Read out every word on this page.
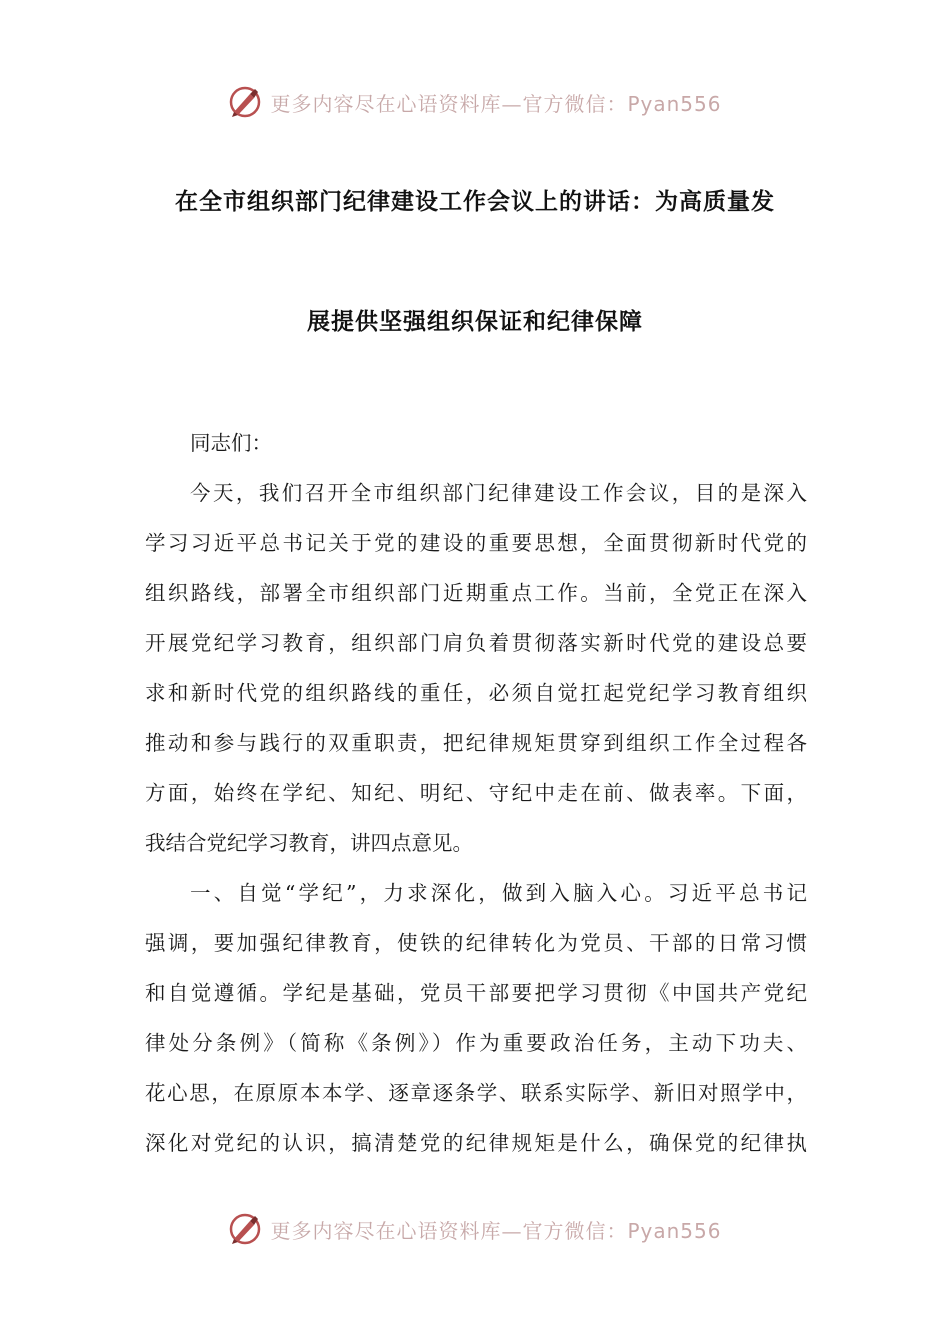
更多内容尽在心语资料库—官方微信：Pyan556
在全市组织部门纪律建设工作会议上的讲话：为高质量发
展提供坚强组织保证和纪律保障
同志们：
今天，我们召开全市组织部门纪律建设工作会议，目的是深入
学习习近平总书记关于党的建设的重要思想，全面贯彻新时代党的
组织路线，部署全市组织部门近期重点工作。当前，全党正在深入
开展党纪学习教育，组织部门肩负着贯彻落实新时代党的建设总要
求和新时代党的组织路线的重任，必须自觉扛起党纪学习教育组织
推动和参与践行的双重职责，把纪律规矩贯穿到组织工作全过程各
方面，始终在学纪、知纪、明纪、守纪中走在前、做表率。下面，
我结合党纪学习教育，讲四点意见。
一、自觉“学纪”，力求深化，做到入脑入心。习近平总书记
强调，要加强纪律教育，使铁的纪律转化为党员、干部的日常习惯
和自觉遵循。学纪是基础，党员干部要把学习贯彻《中国共产党纪
律处分条例》（简称《条例》）作为重要政治任务，主动下功夫、
花心思，在原原本本学、逐章逐条学、联系实际学、新旧对照学中，
深化对党纪的认识，搞清楚党的纪律规矩是什么，确保党的纪律执
更多内容尽在心语资料库—官方微信：Pyan556
